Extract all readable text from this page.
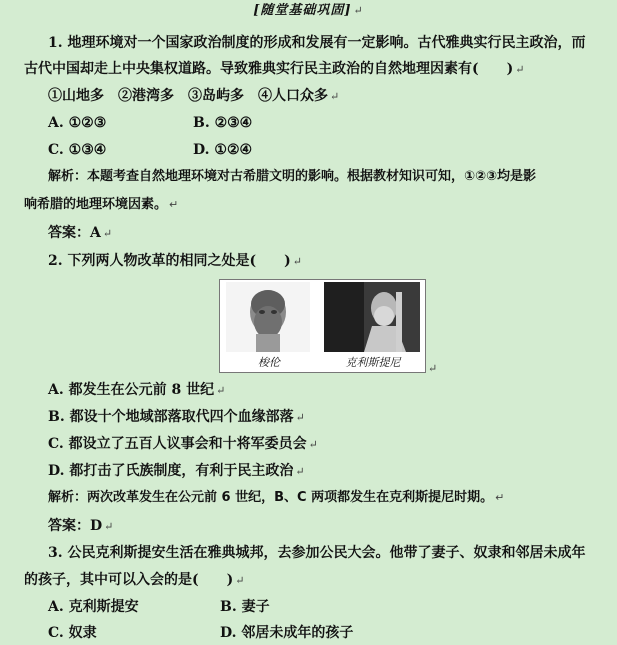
[随堂基础巩固] ↵
1. 地理环境对一个国家政治制度的形成和发展有一定影响。古代雅典实行民主政治，而
古代中国却走上中央集权道路。导致雅典实行民主政治的自然地理因素有(　　) ↵
①山地多　②港湾多　③岛屿多　④人口众多 ↵
A. ①②③	B. ②③④
C. ①③④	D. ①②④
解析：本题考查自然地理环境对古希腊文明的影响。根据教材知识可知，①②③均是影
响希腊的地理环境因素。 ↵
答案：A ↵
2. 下列两人物改革的相同之处是(　　) ↵
梭伦	克利斯提尼	↵
A. 都发生在公元前 8 世纪 ↵
B. 都设十个地域部落取代四个血缘部落 ↵
C. 都设立了五百人议事会和十将军委员会 ↵
D. 都打击了氏族制度，有利于民主政治 ↵
解析：两次改革发生在公元前 6 世纪，B、C 两项都发生在克利斯提尼时期。 ↵
答案：D ↵
3. 公民克利斯提安生活在雅典城邦，去参加公民大会。他带了妻子、奴隶和邻居未成年
的孩子，其中可以入会的是(　　) ↵
A. 克利斯提安	B. 妻子
C. 奴隶	D. 邻居未成年的孩子
